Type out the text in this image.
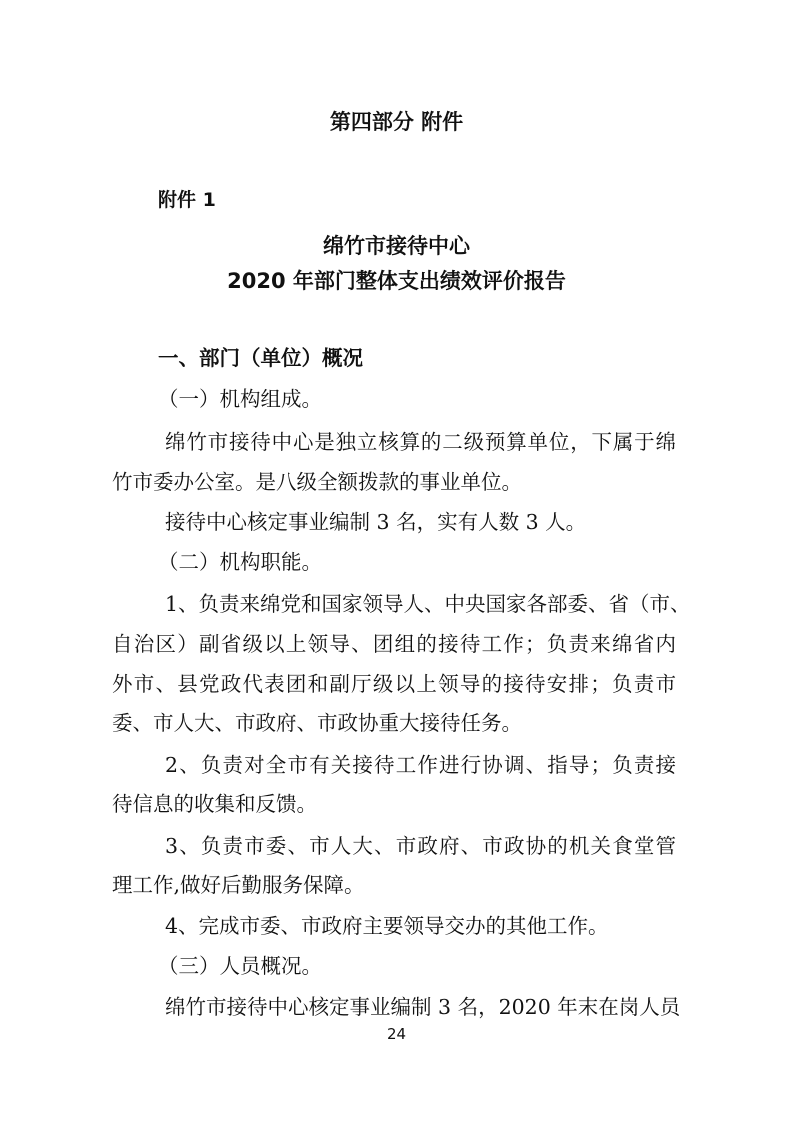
第四部分 附件
附件 1
绵竹市接待中心
2020 年部门整体支出绩效评价报告
一、部门（单位）概况
（一）机构组成。
绵竹市接待中心是独立核算的二级预算单位，下属于绵
竹市委办公室。是八级全额拨款的事业单位。
接待中心核定事业编制 3 名，实有人数 3 人。
（二）机构职能。
1、负责来绵党和国家领导人、中央国家各部委、省（市、
自治区）副省级以上领导、团组的接待工作；负责来绵省内
外市、县党政代表团和副厅级以上领导的接待安排；负责市
委、市人大、市政府、市政协重大接待任务。
2、负责对全市有关接待工作进行协调、指导；负责接
待信息的收集和反馈。
3、负责市委、市人大、市政府、市政协的机关食堂管
理工作,做好后勤服务保障。
4、完成市委、市政府主要领导交办的其他工作。
（三）人员概况。
绵竹市接待中心核定事业编制 3 名，2020 年末在岗人员
24
